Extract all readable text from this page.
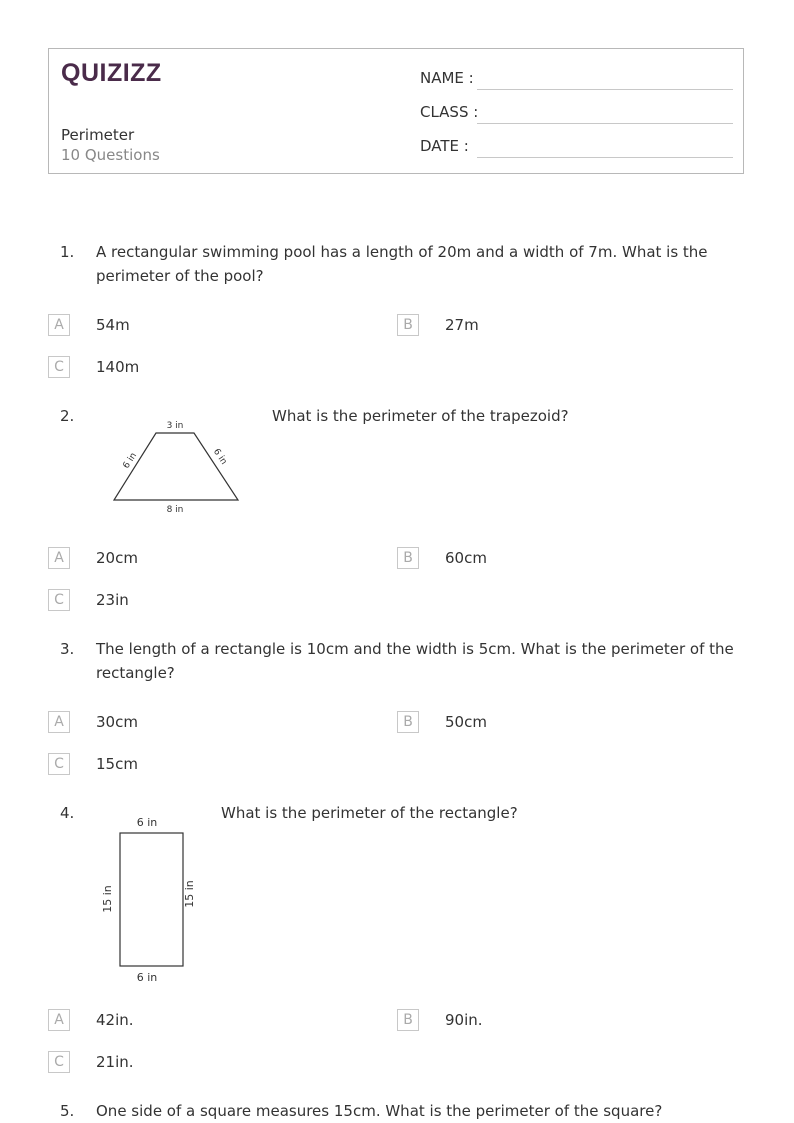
QUIZIZZ
Perimeter
10 Questions
NAME :
CLASS :
DATE :
1. A rectangular swimming pool has a length of 20m and a width of 7m. What is the
perimeter of the pool?
A	54m	B	27m
C	140m
2.
3 in
6 in	6 in
8 in
What is the perimeter of the trapezoid?
A	20cm	B	60cm
C	23in
3. The length of a rectangle is 10cm and the width is 5cm. What is the perimeter of the
rectangle?
A	30cm	B	50cm
C	15cm
4.
6 in
6 in
15 in	15 in
What is the perimeter of the rectangle?
A	42in.	B	90in.
C	21in.
5. One side of a square measures 15cm. What is the perimeter of the square?
